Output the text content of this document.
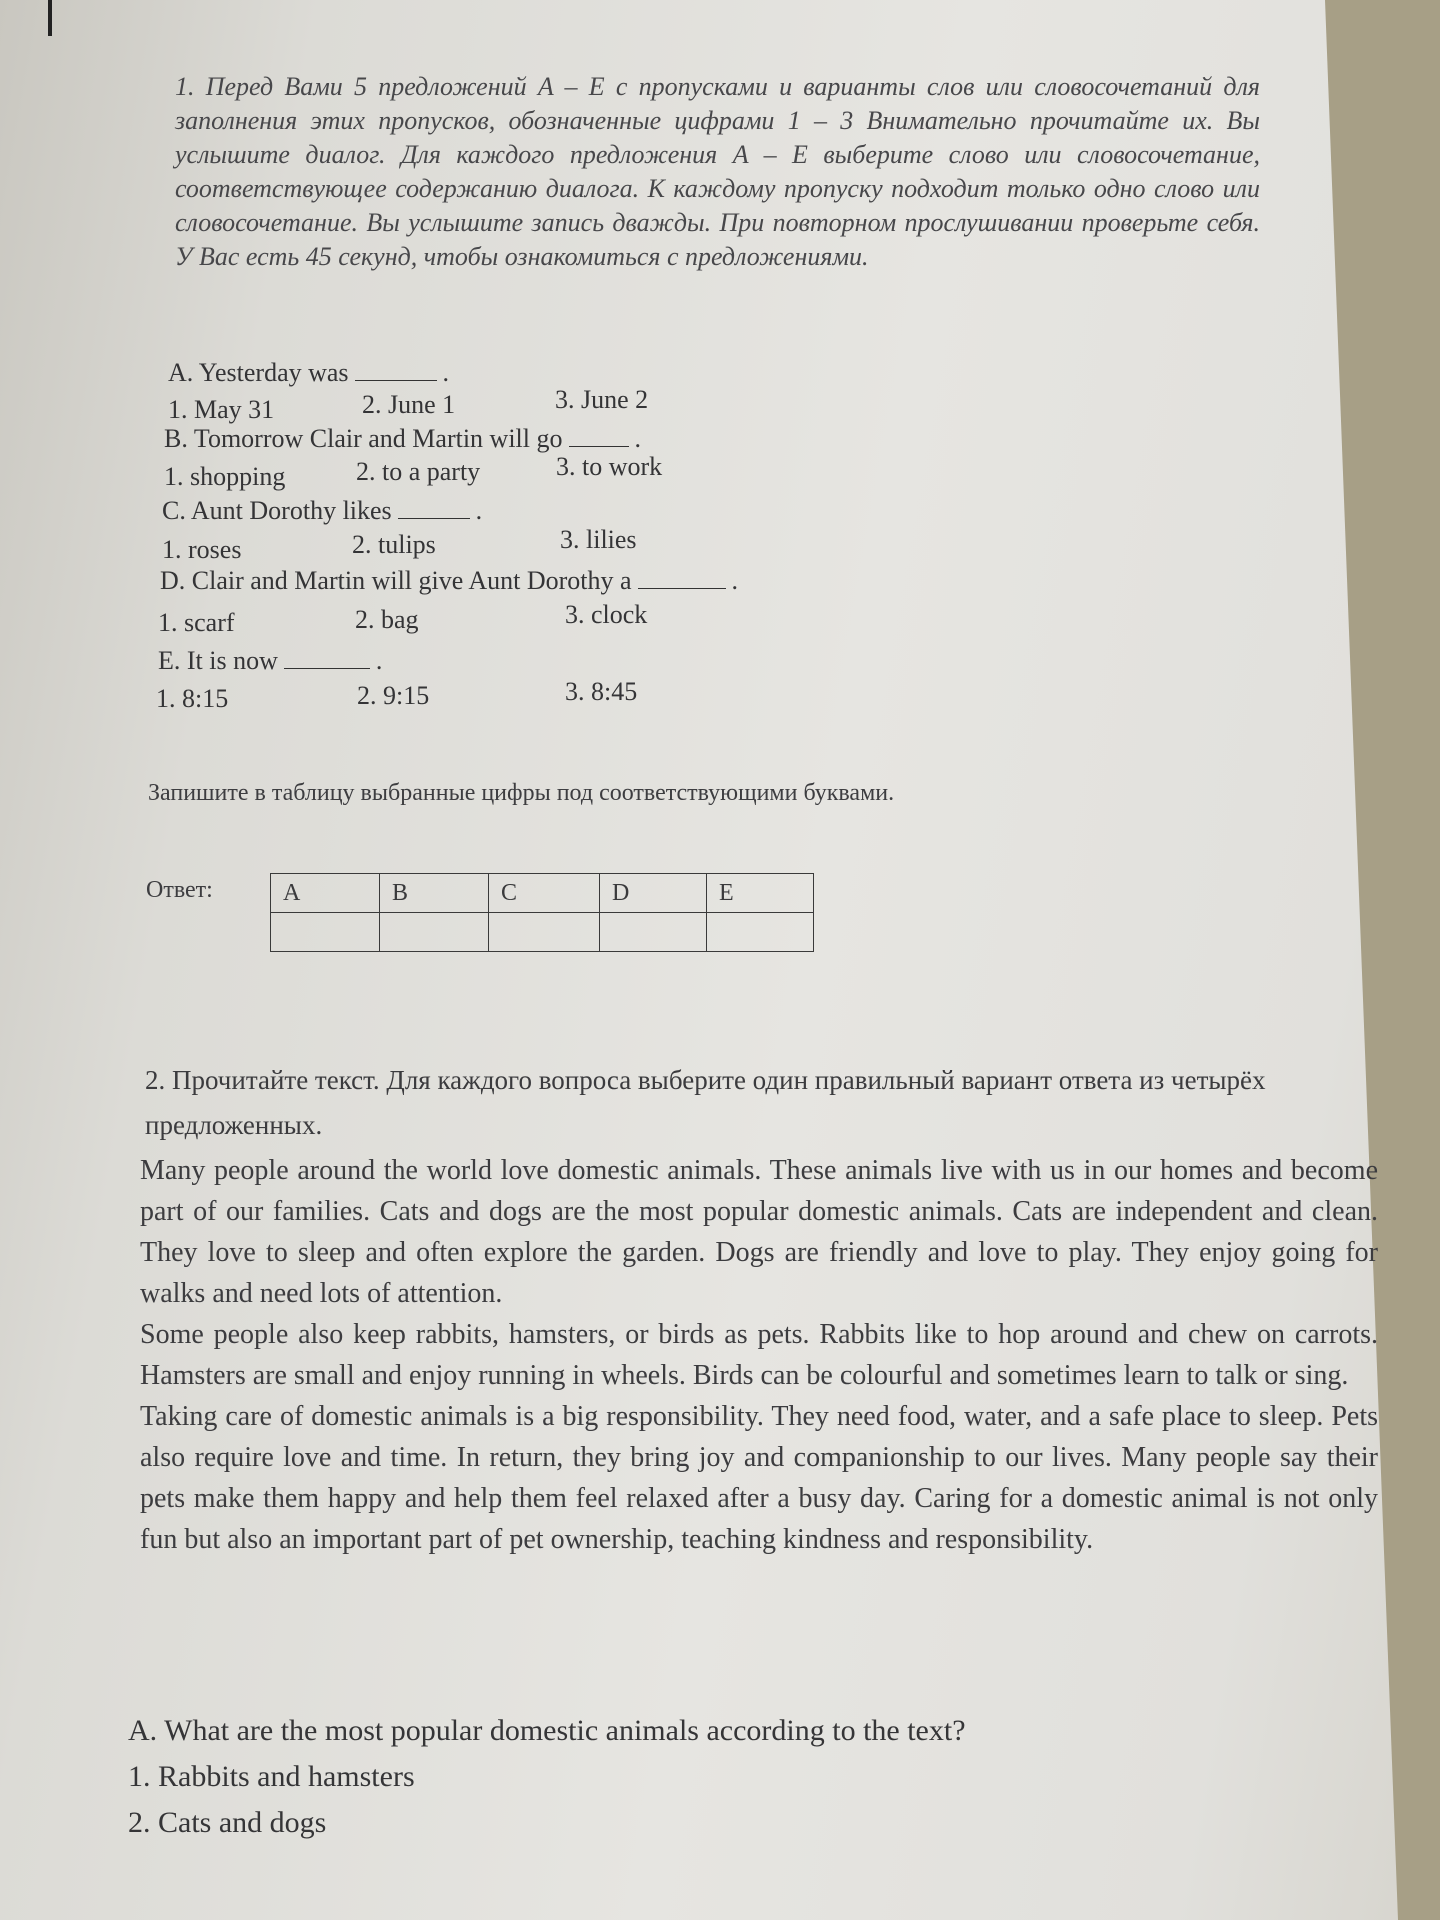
1. Перед Вами 5 предложений A – E с пропусками и варианты слов или словосочетаний для заполнения этих пропусков, обозначенные цифрами 1 – 3 Внимательно прочитайте их. Вы услышите диалог. Для каждого предложения A – E выберите слово или словосочетание, соответствующее содержанию диалога. К каждому пропуску подходит только одно слово или словосочетание. Вы услышите запись дважды. При повторном прослушивании проверьте себя. У Вас есть 45 секунд, чтобы ознакомиться с предложениями.
A. Yesterday was	.
1. May 31	2. June 1	3. June 2
B. Tomorrow Clair and Martin will go	.
1. shopping	2. to a party	3. to work
C. Aunt Dorothy likes	.
1. roses	2. tulips	3. lilies
D. Clair and Martin will give Aunt Dorothy a	.
1. scarf	2. bag	3. clock
E. It is now	.
1. 8:15	2. 9:15	3. 8:45
Запишите в таблицу выбранные цифры под соответствующими буквами.
Ответ:	A	B	C	D	E

2. Прочитайте текст. Для каждого вопроса выберите один правильный вариант ответа из четырёх предложенных.

Many people around the world love domestic animals. These animals live with us in our homes and become part of our families. Cats and dogs are the most popular domestic animals. Cats are independent and clean. They love to sleep and often explore the garden. Dogs are friendly and love to play. They enjoy going for walks and need lots of attention.

Some people also keep rabbits, hamsters, or birds as pets. Rabbits like to hop around and chew on carrots. Hamsters are small and enjoy running in wheels. Birds can be colourful and sometimes learn to talk or sing.

Taking care of domestic animals is a big responsibility. They need food, water, and a safe place to sleep. Pets also require love and time. In return, they bring joy and companionship to our lives. Many people say their pets make them happy and help them feel relaxed after a busy day. Caring for a domestic animal is not only fun but also an important part of pet ownership, teaching kindness and responsibility.

A. What are the most popular domestic animals according to the text?
1. Rabbits and hamsters
2. Cats and dogs
